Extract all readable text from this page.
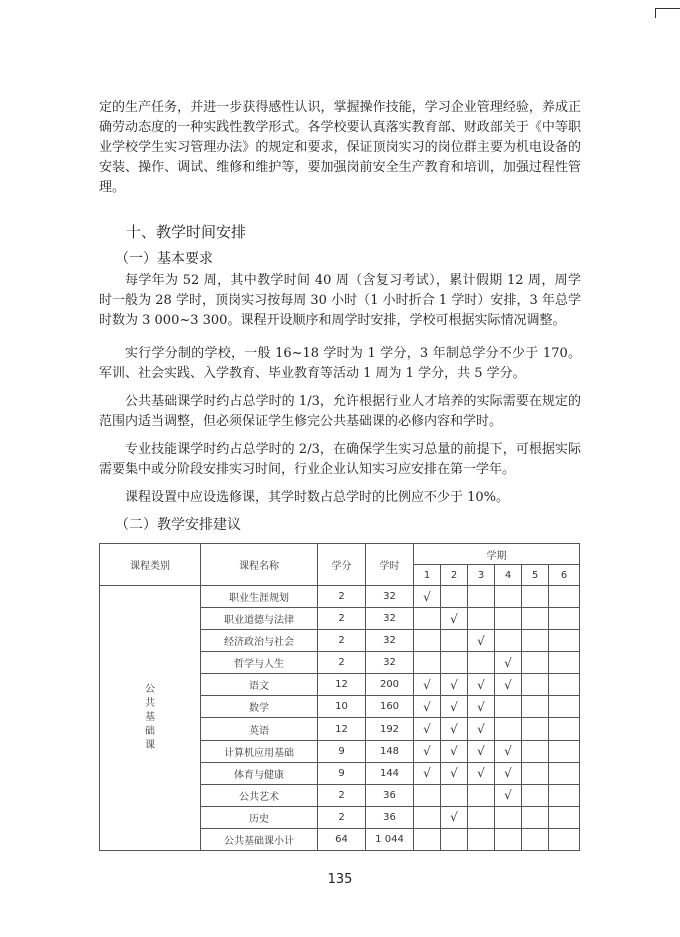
定的生产任务，并进一步获得感性认识，掌握操作技能，学习企业管理经验，养成正确劳动态度的一种实践性教学形式。各学校要认真落实教育部、财政部关于《中等职业学校学生实习管理办法》的规定和要求，保证顶岗实习的岗位群主要为机电设备的安装、操作、调试、维修和维护等，要加强岗前安全生产教育和培训，加强过程性管理。

十、教学时间安排
（一）基本要求

每学年为 52 周，其中教学时间 40 周（含复习考试），累计假期 12 周，周学时一般为 28 学时，顶岗实习按每周 30 小时（1 小时折合 1 学时）安排，3 年总学时数为 3 000~3 300。课程开设顺序和周学时安排，学校可根据实际情况调整。

实行学分制的学校，一般 16~18 学时为 1 学分，3 年制总学分不少于 170。军训、社会实践、入学教育、毕业教育等活动 1 周为 1 学分，共 5 学分。

公共基础课学时约占总学时的 1/3，允许根据行业人才培养的实际需要在规定的范围内适当调整，但必须保证学生修完公共基础课的必修内容和学时。

专业技能课学时约占总学时的 2/3，在确保学生实习总量的前提下，可根据实际需要集中或分阶段安排实习时间，行业企业认知实习应安排在第一学年。

课程设置中应设选修课，其学时数占总学时的比例应不少于 10%。

（二）教学安排建议
课程类别	课程名称	学分	学时	学期					
				1	2	3	4	5	6

公
共
基
础
课	职业生涯规划	2	32	√					
	职业道德与法律	2	32		√				
	经济政治与社会	2	32			√			
	哲学与人生	2	32				√		
	语文	12	200	√	√	√	√		
	数学	10	160	√	√	√			
	英语	12	192	√	√	√			
	计算机应用基础	9	148	√	√	√	√		
	体育与健康	9	144	√	√	√	√		
	公共艺术	2	36				√		
	历史	2	36		√				
	公共基础课小计	64	1 044						
135
